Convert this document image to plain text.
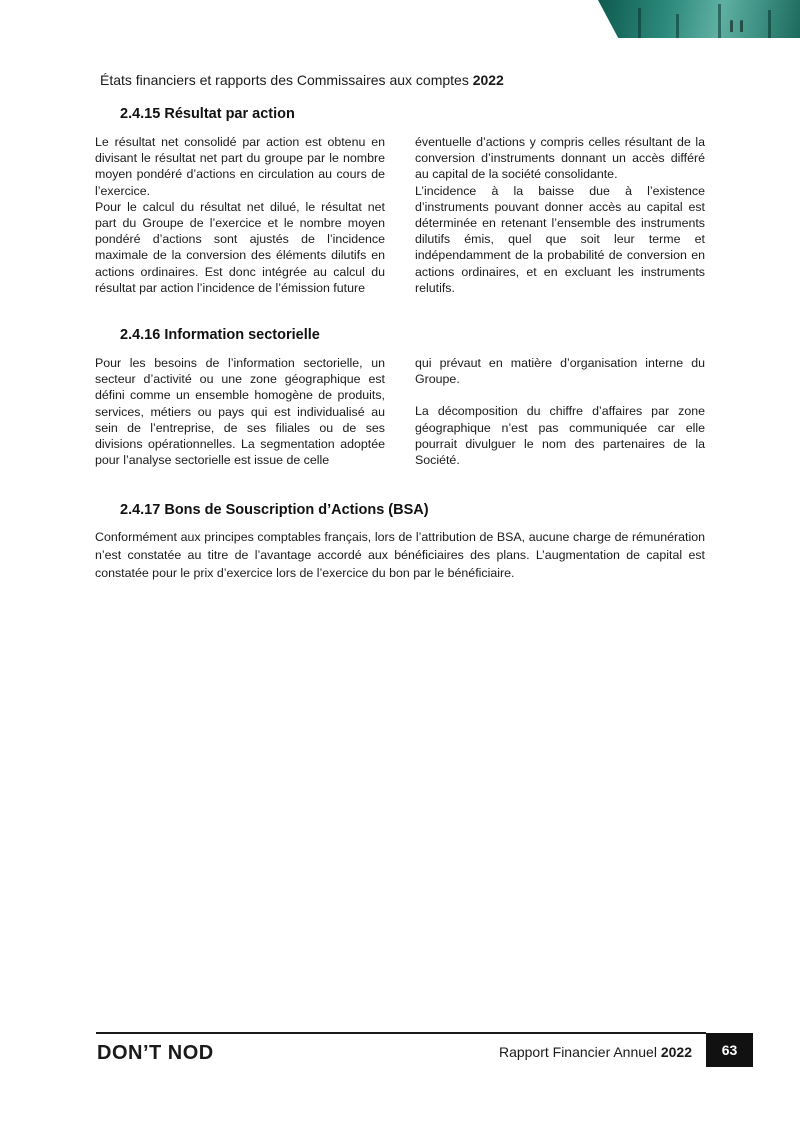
États financiers et rapports des Commissaires aux comptes 2022

2.4.15 Résultat par action

Le résultat net consolidé par action est obtenu en divisant le résultat net part du groupe par le nombre moyen pondéré d’actions en circulation au cours de l’exercice.

Pour le calcul du résultat net dilué, le résultat net part du Groupe de l’exercice et le nombre moyen pondéré d’actions sont ajustés de l’incidence maximale de la conversion des éléments dilutifs en actions ordinaires. Est donc intégrée au calcul du résultat par action l’incidence de l’émission future

éventuelle d’actions y compris celles résultant de la conversion d’instruments donnant un accès différé au capital de la société consolidante.

L’incidence à la baisse due à l’existence d’instruments pouvant donner accès au capital est déterminée en retenant l’ensemble des instruments dilutifs émis, quel que soit leur terme et indépendamment de la probabilité de conversion en actions ordinaires, et en excluant les instruments relutifs.

2.4.16 Information sectorielle

Pour les besoins de l’information sectorielle, un secteur d’activité ou une zone géographique est défini comme un ensemble homogène de produits, services, métiers ou pays qui est individualisé au sein de l’entreprise, de ses filiales ou de ses divisions opérationnelles. La segmentation adoptée pour l’analyse sectorielle est issue de celle

qui prévaut en matière d’organisation interne du Groupe.

La décomposition du chiffre d’affaires par zone géographique n’est pas communiquée car elle pourrait divulguer le nom des partenaires de la Société.

2.4.17 Bons de Souscription d’Actions (BSA)

Conformément aux principes comptables français, lors de l’attribution de BSA, aucune charge de rémunération n’est constatée au titre de l’avantage accordé aux bénéficiaires des plans. L’augmentation de capital est constatée pour le prix d’exercice lors de l’exercice du bon par le bénéficiaire.

DON’T NOD	Rapport Financier Annuel 2022	63
